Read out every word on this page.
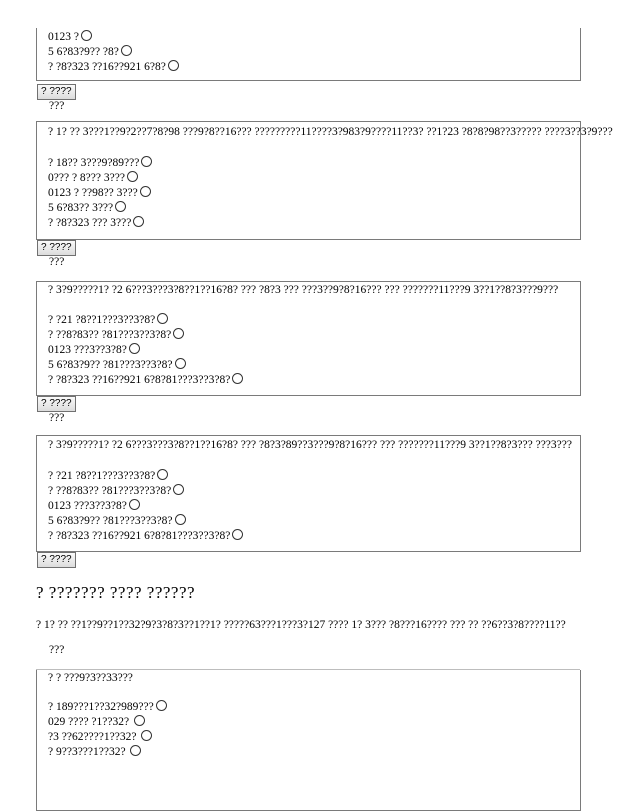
0123 ?
5 6?83?9?? ?8?
? ?8?323 ??16??921 6?8?
? ????
???
? 1? ?? 3???1??9?2??7?8?98 ???9?8??16??? ?????????11????3?983?9????11??3? ??1?23 ?8?8?98??3????? ????3??3?9???
? 18?? 3???9?89???
0??? ? 8??? 3???
0123 ? ??98?? 3???
5 6?83?? 3???
? ?8?323 ??? 3???
? ????
???
? 3?9?????1? ?2 6???3???3?8??1??16?8? ??? ?8?3 ??? ???3??9?8?16??? ??? ???????11???9 3??1??8?3???9???
? ?21 ?8??1???3??3?8?
? ??8?83?? ?81???3??3?8?
0123 ???3??3?8?
5 6?83?9?? ?81???3??3?8?
? ?8?323 ??16??921 6?8?81???3??3?8?
? ????
???
? 3?9?????1? ?2 6???3???3?8??1??16?8? ??? ?8?3?89??3???9?8?16??? ??? ???????11???9 3??1??8?3??? ???3???
? ?21 ?8??1???3??3?8?
? ??8?83?? ?81???3??3?8?
0123 ???3??3?8?
5 6?83?9?? ?81???3??3?8?
? ?8?323 ??16??921 6?8?81???3??3?8?
? ????
? ??????? ???? ??????
? 1? ?? ??1??9??1??32?9?3?8?3??1??1? ?????63???1???3?127 ???? 1? 3??? ?8???16???? ??? ?? ??6??3?8????11??
???
? ? ???9?3??33???
? 189???1??32?989???
029 ???? ?1??32?
?3 ??62????1??32?
? 9??3???1??32?
